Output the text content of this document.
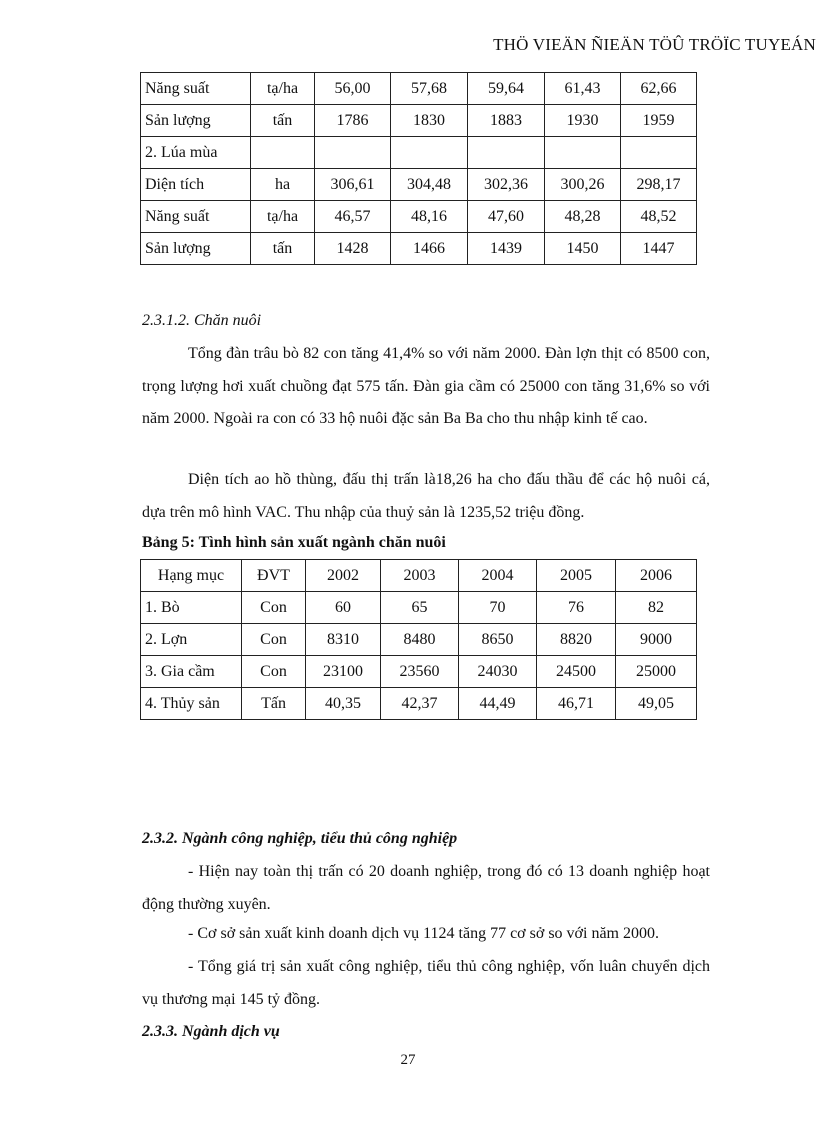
THÖ VIEÄN ÑIEÄN TÖÛ TRÖÏC TUYEÁN
Năng suất	tạ/ha	56,00	57,68	59,64	61,43	62,66
Sản lượng	tấn	1786	1830	1883	1930	1959
2. Lúa mùa						
Diện tích	ha	306,61	304,48	302,36	300,26	298,17
Năng suất	tạ/ha	46,57	48,16	47,60	48,28	48,52
Sản lượng	tấn	1428	1466	1439	1450	1447
2.3.1.2. Chăn nuôi
Tổng đàn trâu bò 82 con tăng 41,4% so với năm 2000. Đàn lợn thịt có 8500 con, trọng lượng hơi xuất chuồng đạt 575 tấn. Đàn gia cầm có 25000 con tăng 31,6% so với năm 2000. Ngoài ra con có 33 hộ nuôi đặc sản Ba Ba cho thu nhập kinh tế cao.
Diện tích ao hồ thùng, đấu thị trấn là18,26 ha cho đấu thầu để các hộ nuôi cá, dựa trên mô hình VAC. Thu nhập của thuỷ sản là 1235,52 triệu đồng.
Bảng 5: Tình hình sản xuất ngành chăn nuôi
Hạng mục	ĐVT	2002	2003	2004	2005	2006
1. Bò	Con	60	65	70	76	82
2. Lợn	Con	8310	8480	8650	8820	9000
3. Gia cầm	Con	23100	23560	24030	24500	25000
4. Thủy sản	Tấn	40,35	42,37	44,49	46,71	49,05
2.3.2. Ngành công nghiệp, tiểu thủ công nghiệp
- Hiện nay toàn thị trấn có 20 doanh nghiệp, trong đó có 13 doanh nghiệp hoạt động thường xuyên.
- Cơ sở sản xuất kinh doanh dịch vụ 1124 tăng 77 cơ sở so với năm 2000.
- Tổng giá trị sản xuất công nghiệp, tiểu thủ công nghiệp, vốn luân chuyển dịch vụ thương mại 145 tỷ đồng.
2.3.3. Ngành dịch vụ
27
